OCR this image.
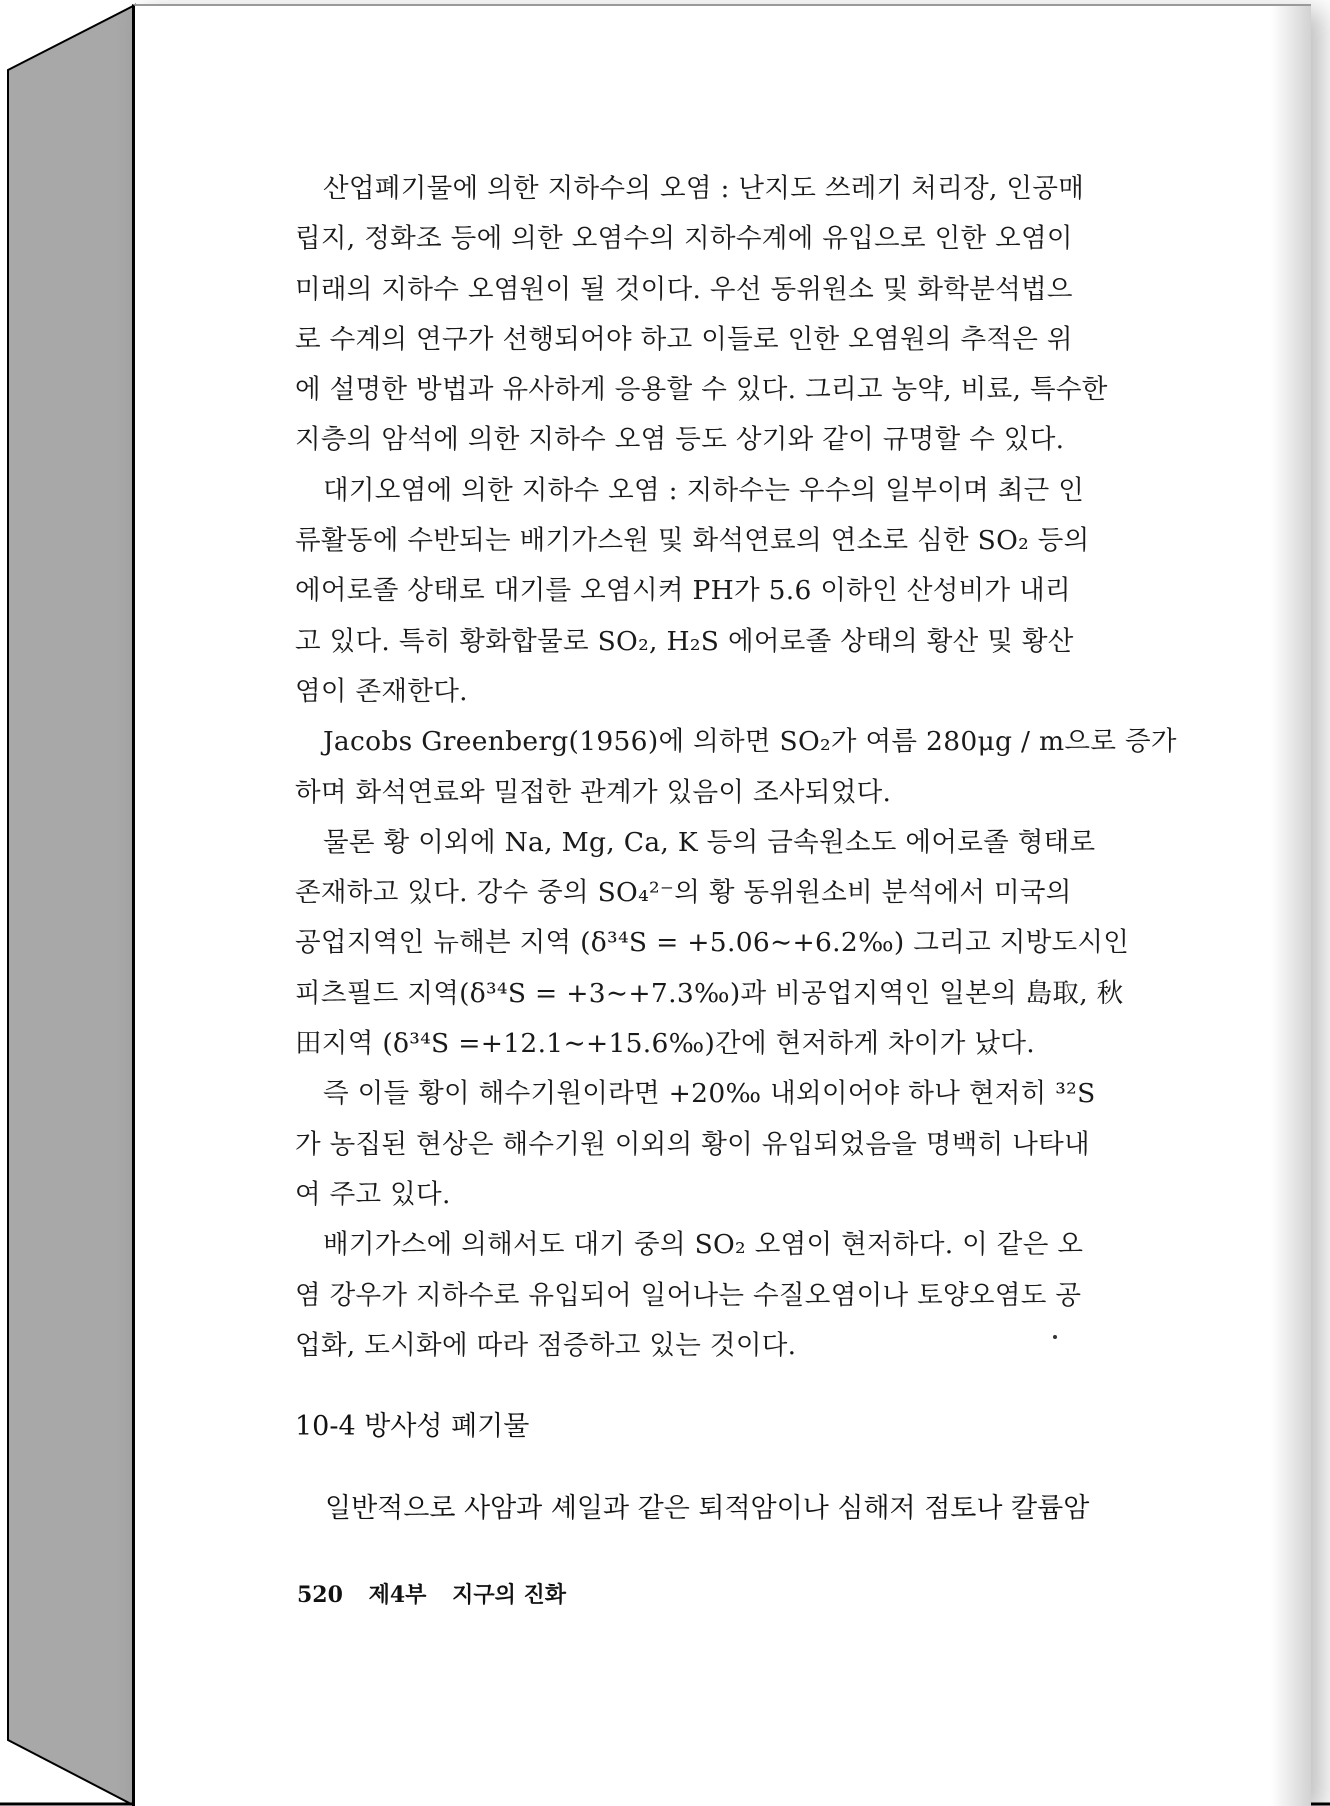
산업폐기물에 의한 지하수의 오염 : 난지도 쓰레기 처리장, 인공매
립지, 정화조 등에 의한 오염수의 지하수계에 유입으로 인한 오염이
미래의 지하수 오염원이 될 것이다. 우선 동위원소 및 화학분석법으
로 수계의 연구가 선행되어야 하고 이들로 인한 오염원의 추적은 위
에 설명한 방법과 유사하게 응용할 수 있다. 그리고 농약, 비료, 특수한
지층의 암석에 의한 지하수 오염 등도 상기와 같이 규명할 수 있다.

대기오염에 의한 지하수 오염 : 지하수는 우수의 일부이며 최근 인
류활동에 수반되는 배기가스원 및 화석연료의 연소로 심한 SO₂ 등의
에어로졸 상태로 대기를 오염시켜 PH가 5.6 이하인 산성비가 내리
고 있다. 특히 황화합물로 SO₂, H₂S 에어로졸 상태의 황산 및 황산
염이 존재한다.

Jacobs Greenberg(1956)에 의하면 SO₂가 여름 280μg / m으로 증가
하며 화석연료와 밀접한 관계가 있음이 조사되었다.

물론 황 이외에 Na, Mg, Ca, K 등의 금속원소도 에어로졸 형태로
존재하고 있다. 강수 중의 SO₄²⁻의 황 동위원소비 분석에서 미국의
공업지역인 뉴해븐 지역 (δ³⁴S = +5.06∼+6.2‰) 그리고 지방도시인
피츠필드 지역(δ³⁴S = +3∼+7.3‰)과 비공업지역인 일본의 島取, 秋
田지역 (δ³⁴S =+12.1∼+15.6‰)간에 현저하게 차이가 났다.

즉 이들 황이 해수기원이라면 +20‰ 내외이어야 하나 현저히 ³²S
가 농집된 현상은 해수기원 이외의 황이 유입되었음을 명백히 나타내
여 주고 있다.

배기가스에 의해서도 대기 중의 SO₂ 오염이 현저하다. 이 같은 오
염 강우가 지하수로 유입되어 일어나는 수질오염이나 토양오염도 공
업화, 도시화에 따라 점증하고 있는 것이다.

10-4 방사성 폐기물
일반적으로 사암과 셰일과 같은 퇴적암이나 심해저 점토나 칼륨암
520 제4부 지구의 진화
